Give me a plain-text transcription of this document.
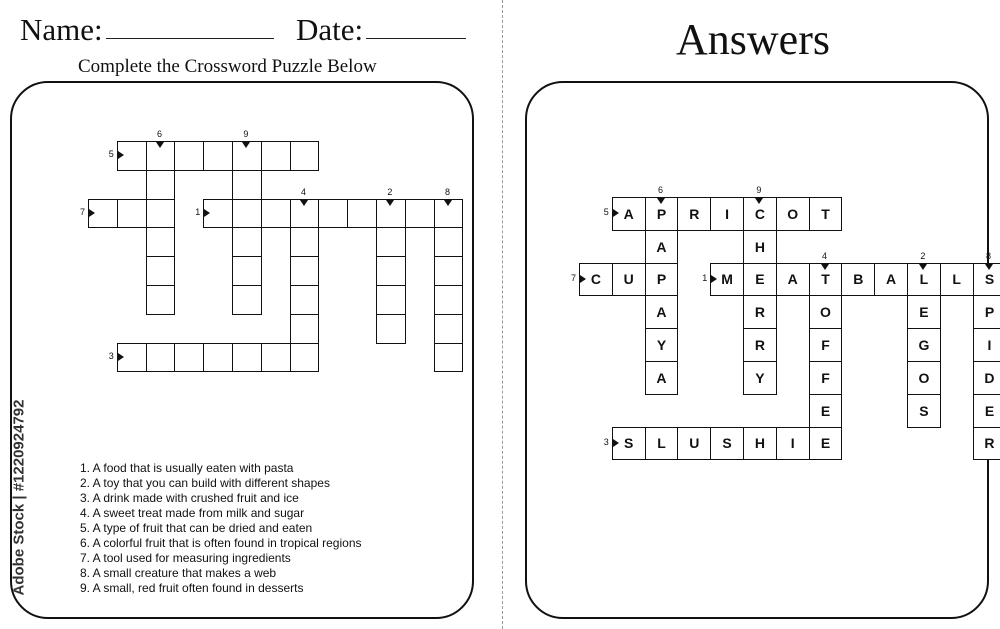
Name:	Date:
Complete the Crossword Puzzle Below
Answers
5
7	1
3
6	9
4	2	8
A	P	R	I	C	O	T
C	U	P	M	E	A	T	B	A	L	L	S
S	L	U	S	H	I	E
A
A
Y
A
H
R
R
Y
O
F
F
E
E
G
O
S
P
I
D
E
R
5
7	1
3
6	9
4	2	8
1. A food that is usually eaten with pasta
2. A toy that you can build with different shapes
3. A drink made with crushed fruit and ice
4. A sweet treat made from milk and sugar
5. A type of fruit that can be dried and eaten
6. A colorful fruit that is often found in tropical regions
7. A tool used for measuring ingredients
8. A small creature that makes a web
9. A small, red fruit often found in desserts
Adobe Stock | #1220924792
